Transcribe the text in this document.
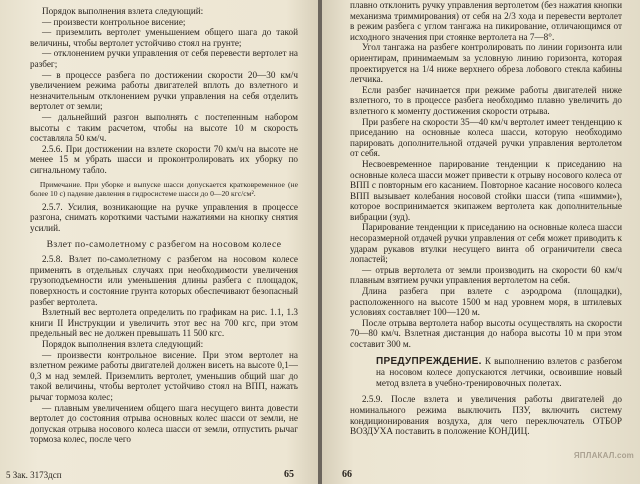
Порядок выполнения взлета следующий:

— произвести контрольное висение;

— приземлить вертолет уменьшением общего шага до такой величины, чтобы вертолет устойчиво стоял на грунте;

— отклонением ручки управления от себя перевести вертолет на разбег;

— в процессе разбега по достижении скорости 20—30 км/ч увеличением режима работы двигателей вплоть до взлетного и незначительным отклонением ручки управления на себя отделить вертолет от земли;

— дальнейший разгон выполнять с постепенным набором высоты с таким расчетом, чтобы на высоте 10 м скорость составляла 50 км/ч.

2.5.6. При достижении на взлете скорости 70 км/ч на высоте не менее 15 м убрать шасси и проконтролировать их уборку по сигнальному табло.

Примечание. При уборке и выпуске шасси допускается кратковременное (не более 10 с) падение давления в гидросистеме шасси до 0—20 кгс/см².

2.5.7. Усилия, возникающие на ручке управления в процессе разгона, снимать короткими частыми нажатиями на кнопку снятия усилий.

Взлет по-самолетному с разбегом на носовом колесе

2.5.8. Взлет по-самолетному с разбегом на носовом колесе применять в отдельных случаях при необходимости увеличения грузоподъемности или уменьшения длины разбега с площадок, поверхность и состояние грунта которых обеспечивают безопасный разбег вертолета.

Взлетный вес вертолета определить по графикам на рис. 1.1, 1.3 книги II Инструкции и увеличить этот вес на 700 кгс, при этом предельный вес не должен превышать 11 500 кгс.

Порядок выполнения взлета следующий:

— произвести контрольное висение. При этом вертолет на взлетном режиме работы двигателей должен висеть на высоте 0,1—0,3 м над землей. Приземлить вертолет, уменьшив общий шаг до такой величины, чтобы вертолет устойчиво стоял на ВПП, нажать рычаг тормоза колес;

— плавным увеличением общего шага несущего винта довести вертолет до состояния отрыва основных колес шасси от земли, не допуская отрыва носового колеса шасси от земли, отпустить рычаг тормоза колес, после чего

5 Зак. 3173дсп	65

плавно отклонить ручку управления вертолетом (без нажатия кнопки механизма триммирования) от себя на 2/3 хода и перевести вертолет в режим разбега с углом тангажа на пикирование, отличающимся от исходного значения при стоянке вертолета на 7—8°.

Угол тангажа на разбеге контролировать по линии горизонта или ориентирам, принимаемым за условную линию горизонта, которая проектируется на 1/4 ниже верхнего обреза лобового стекла кабины летчика.

Если разбег начинается при режиме работы двигателей ниже взлетного, то в процессе разбега необходимо плавно увеличить до взлетного к моменту достижения скорости отрыва.

При разбеге на скорости 35—40 км/ч вертолет имеет тенденцию к приседанию на основные колеса шасси, которую необходимо парировать дополнительной отдачей ручки управления вертолетом от себя.

Несвоевременное парирование тенденции к приседанию на основные колеса шасси может привести к отрыву носового колеса от ВПП с повторным его касанием. Повторное касание носового колеса ВПП вызывает колебания носовой стойки шасси (типа «шимми»), которое воспринимается экипажем вертолета как дополнительные вибрации (зуд).

Парирование тенденции к приседанию на основные колеса шасси несоразмерной отдачей ручки управления от себя может приводить к ударам рукавов втулки несущего винта об ограничители свеса лопастей;

— отрыв вертолета от земли производить на скорости 60 км/ч плавным взятием ручки управления вертолетом на себя.

Длина разбега при взлете с аэродрома (площадки), расположенного на высоте 1500 м над уровнем моря, в штилевых условиях составляет 100—120 м.

После отрыва вертолета набор высоты осуществлять на скорости 70—80 км/ч. Взлетная дистанция до набора высоты 10 м при этом составит 300 м.

ПРЕДУПРЕЖДЕНИЕ. К выполнению взлетов с разбегом на носовом колесе допускаются летчики, освоившие новый метод взлета в учебно-тренировочных полетах.

2.5.9. После взлета и увеличения работы двигателей до номинального режима выключить ПЗУ, включить систему кондиционирования воздуха, для чего переключатель ОТБОР ВОЗДУХА поставить в положение КОНДИЦ.

66
ЯПЛАКАЛ.com
